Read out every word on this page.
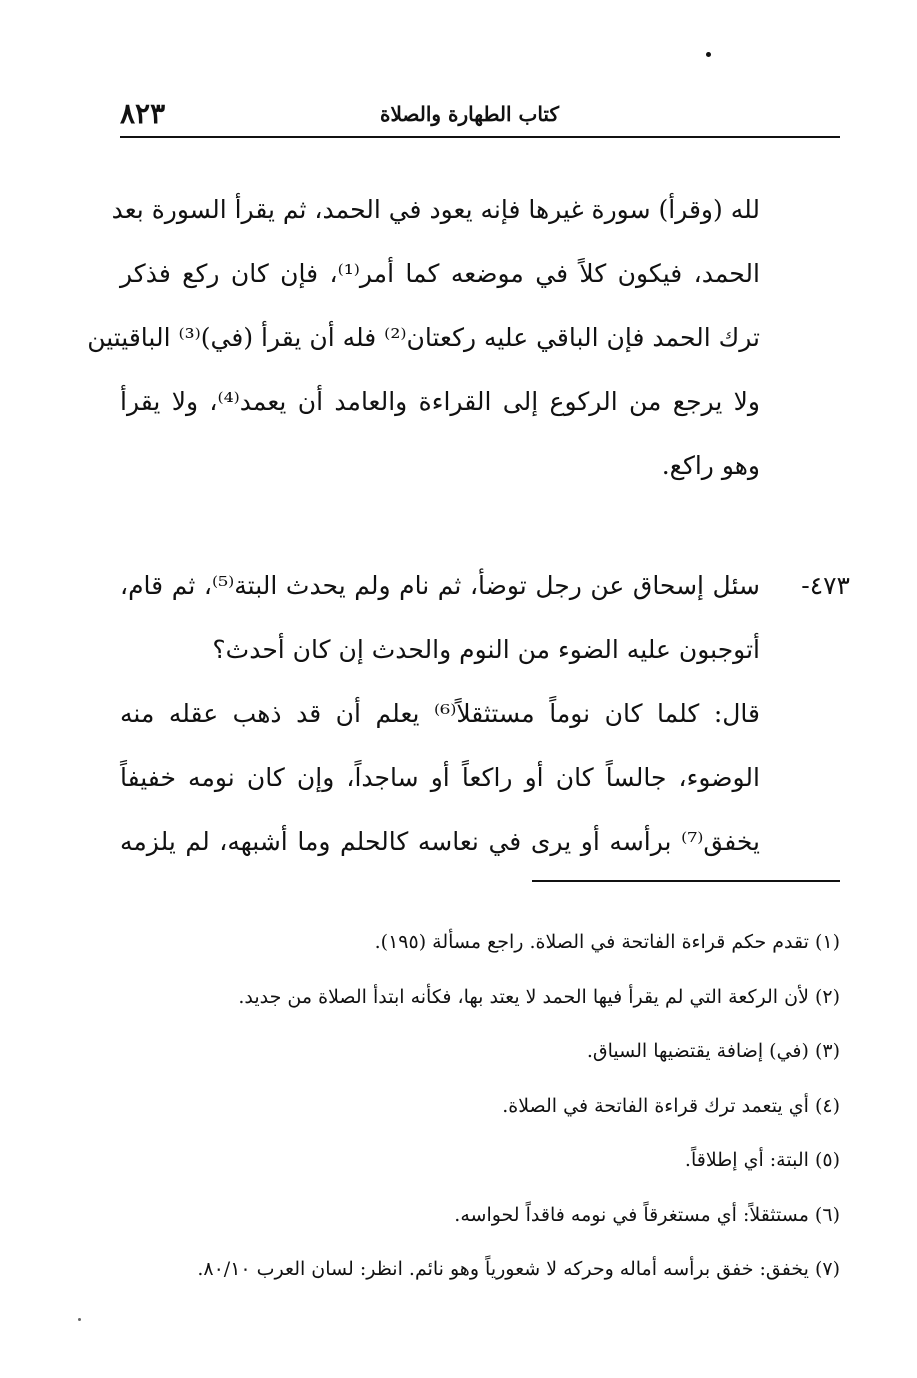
٨٢٣	كتاب الطهارة والصلاة
لله (وقرأ) سورة غيرها فإنه يعود في الحمد، ثم يقرأ السورة بعد
الحمد، فيكون كلاً في موضعه كما أمر⁽¹⁾، فإن كان ركع فذكر
ترك الحمد فإن الباقي عليه ركعتان⁽²⁾ فله أن يقرأ (في)⁽³⁾ الباقيتين
ولا يرجع من الركوع إلى القراءة والعامد أن يعمد⁽⁴⁾، ولا يقرأ
وهو راكع.
٤٧٣-
سئل إسحاق عن رجل توضأ، ثم نام ولم يحدث البتة⁽⁵⁾، ثم قام،
أتوجبون عليه الضوء من النوم والحدث إن كان أحدث؟
قال: كلما كان نوماً مستثقلاً⁽⁶⁾ يعلم أن قد ذهب عقله منه
الوضوء، جالساً كان أو راكعاً أو ساجداً، وإن كان نومه خفيفاً
يخفق⁽⁷⁾ برأسه أو يرى في نعاسه كالحلم وما أشبهه، لم يلزمه
(١) تقدم حكم قراءة الفاتحة في الصلاة. راجع مسألة (١٩٥).
(٢) لأن الركعة التي لم يقرأ فيها الحمد لا يعتد بها، فكأنه ابتدأ الصلاة من جديد.
(٣) (في) إضافة يقتضيها السياق.
(٤) أي يتعمد ترك قراءة الفاتحة في الصلاة.
(٥) البتة: أي إطلاقاً.
(٦) مستثقلاً: أي مستغرقاً في نومه فاقداً لحواسه.
(٧) يخفق: خفق برأسه أماله وحركه لا شعورياً وهو نائم. انظر: لسان العرب ٨٠/١٠.
